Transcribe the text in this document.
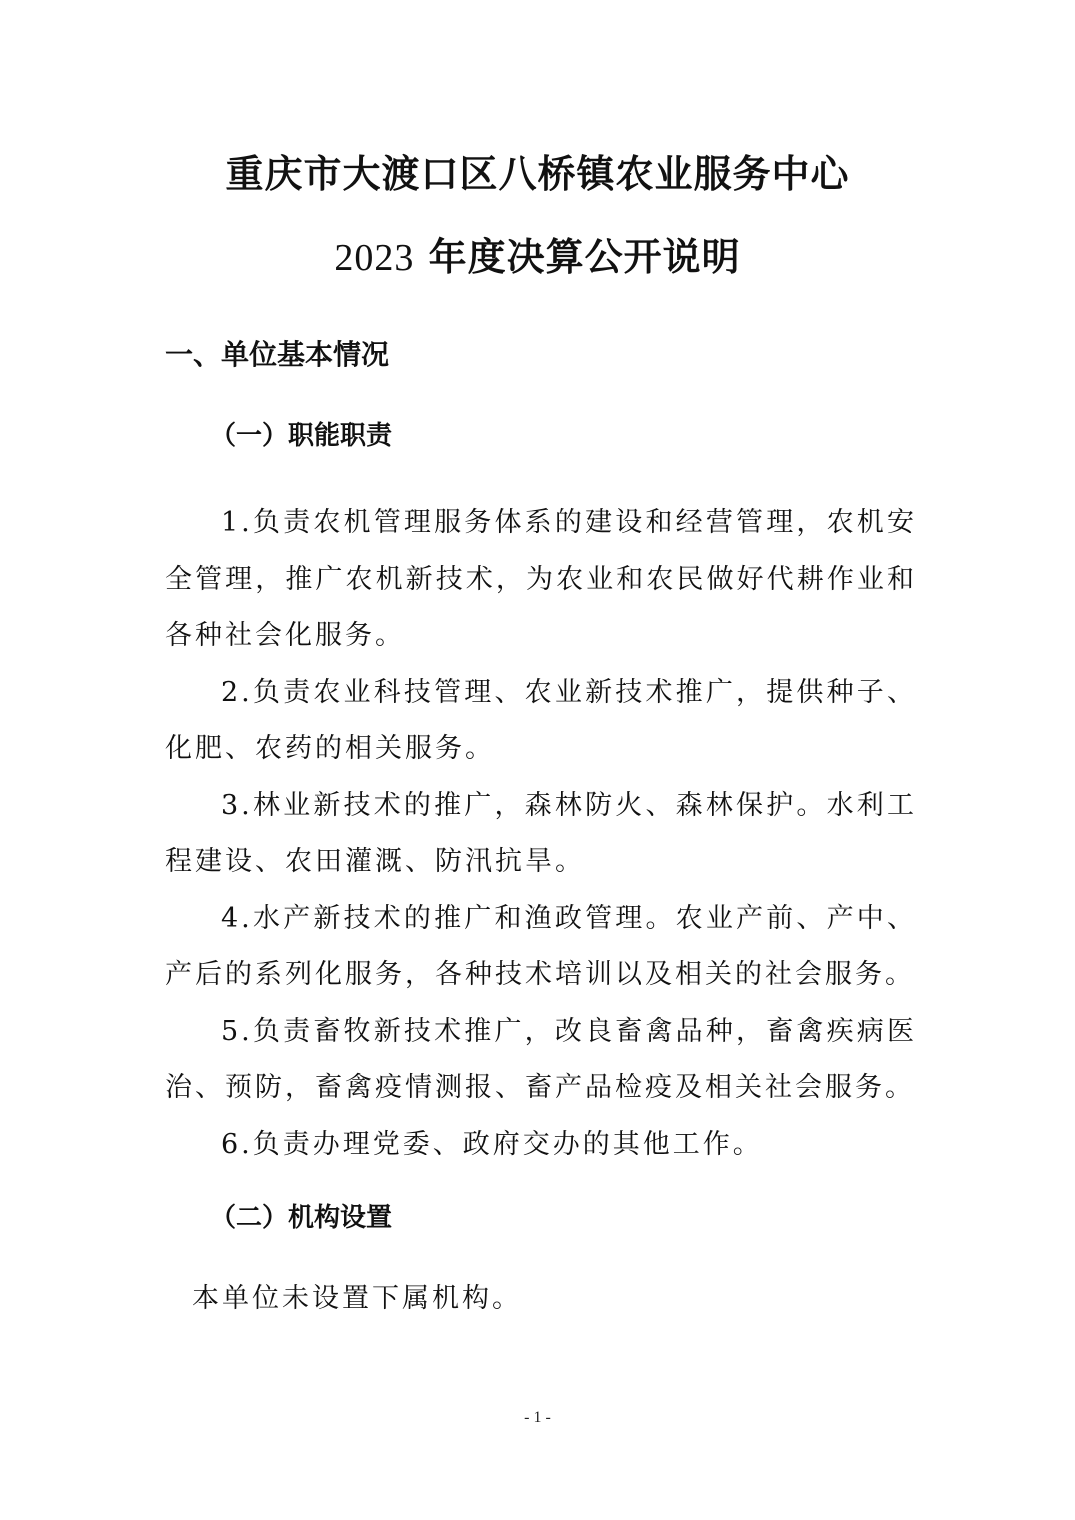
重庆市大渡口区八桥镇农业服务中心
2023 年度决算公开说明
一、单位基本情况
（一）职能职责
1.负责农机管理服务体系的建设和经营管理，农机安全管理，推广农机新技术，为农业和农民做好代耕作业和各种社会化服务。
2.负责农业科技管理、农业新技术推广，提供种子、化肥、农药的相关服务。
3.林业新技术的推广，森林防火、森林保护。水利工程建设、农田灌溉、防汛抗旱。
4.水产新技术的推广和渔政管理。农业产前、产中、产后的系列化服务，各种技术培训以及相关的社会服务。
5.负责畜牧新技术推广，改良畜禽品种，畜禽疾病医治、预防，畜禽疫情测报、畜产品检疫及相关社会服务。
6.负责办理党委、政府交办的其他工作。
（二）机构设置
本单位未设置下属机构。
- 1 -
